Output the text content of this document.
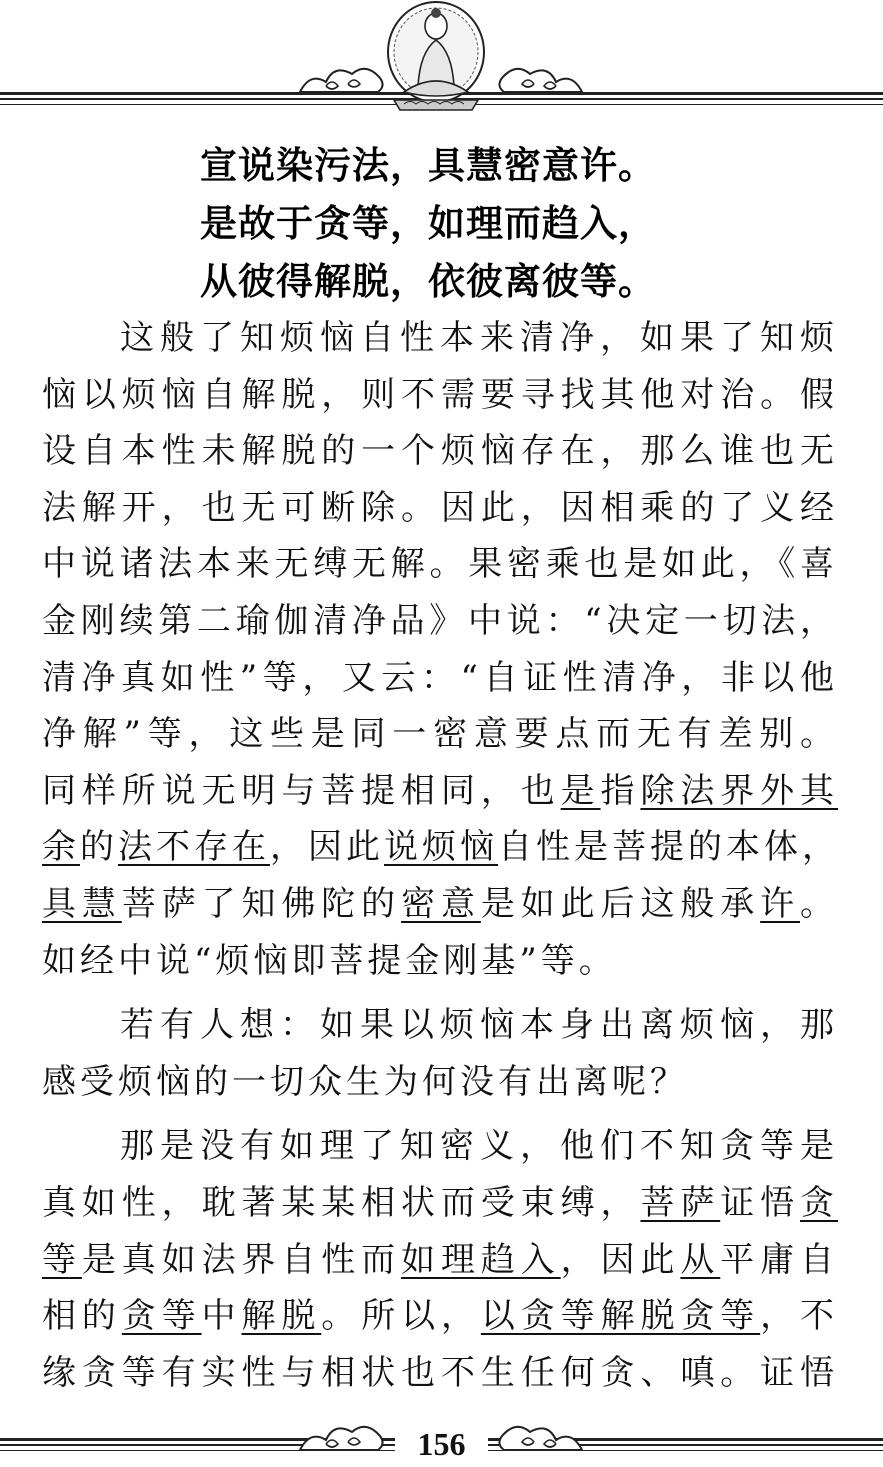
宣说染污法，具慧密意许。
是故于贪等，如理而趋入，
从彼得解脱，依彼离彼等。
这般了知烦恼自性本来清净，如果了知烦
恼以烦恼自解脱，则不需要寻找其他对治。假
设自本性未解脱的一个烦恼存在，那么谁也无
法解开，也无可断除。因此，因相乘的了义经
中说诸法本来无缚无解。果密乘也是如此，《喜
金刚续第二瑜伽清净品》中说：“决定一切法，
清净真如性”等，又云：“自证性清净，非以他
净解”等，这些是同一密意要点而无有差别。
同样所说无明与菩提相同，也是指除法界外其
余的法不存在，因此说烦恼自性是菩提的本体，
具慧菩萨了知佛陀的密意是如此后这般承许。
如经中说“烦恼即菩提金刚基”等。
若有人想：如果以烦恼本身出离烦恼，那
感受烦恼的一切众生为何没有出离呢？
那是没有如理了知密义，他们不知贪等是
真如性，耽著某某相状而受束缚，菩萨证悟贪
等是真如法界自性而如理趋入，因此从平庸自
相的贪等中解脱。所以，以贪等解脱贪等，不
缘贪等有实性与相状也不生任何贪、嗔。证悟
156
